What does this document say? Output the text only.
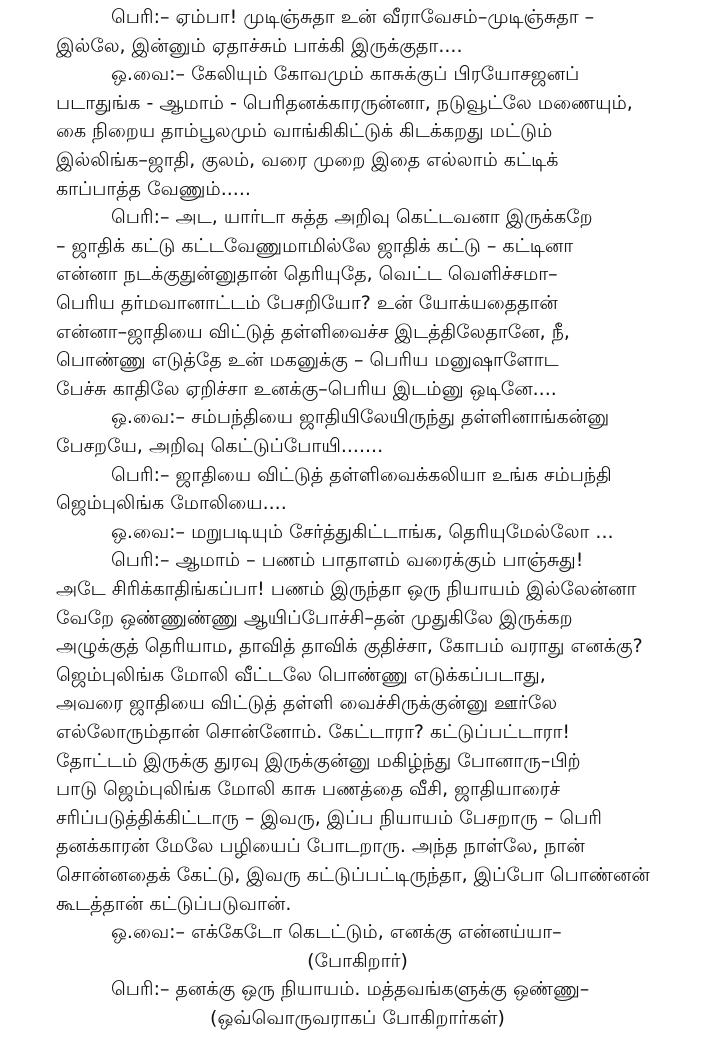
பெரி:– ஏம்பா! முடிஞ்சுதா உன் வீராவேசம்–முடிஞ்சுதா –
இல்லே, இன்னும் ஏதாச்சும் பாக்கி இருக்குதா....
ஒ.வை:– கேலியும் கோவமும் காசுக்குப் பிரயோசஜனப்
படாதுங்க - ஆமாம் - பெரிதனக்காரருன்னா, நடுவூட்லே மணையும்,
கை நிறைய தாம்பூலமும் வாங்கிகிட்டுக் கிடக்கறது மட்டும்
இல்லிங்க–ஜாதி, குலம், வரை முறை இதை எல்லாம் கட்டிக்
காப்பாத்த வேணும்.....
பெரி:– அட, யார்டா சுத்த அறிவு கெட்டவனா இருக்கறே
– ஜாதிக் கட்டு கட்டவேணுமாமில்லே ஜாதிக் கட்டு – கட்டினா
என்னா நடக்குதுன்னுதான் தெரியுதே, வெட்ட வெளிச்சமா–
பெரிய தர்மவானாட்டம் பேசறியோ? உன் யோக்யதைதான்
என்னா–ஜாதியை விட்டுத் தள்ளிவைச்ச இடத்திலேதானே, நீ,
பொண்ணு எடுத்தே உன் மகனுக்கு – பெரிய மனுஷாளோட
பேச்சு காதிலே ஏறிச்சா உனக்கு–பெரிய இடம்னு ஒடினே....
ஒ.வை:– சம்பந்தியை ஜாதியிலேயிருந்து தள்ளினாங்கன்னு
பேசறயே, அறிவு கெட்டுப்போயி.......
பெரி:– ஜாதியை விட்டுத் தள்ளிவைக்கலியா உங்க சம்பந்தி
ஜெம்புலிங்க மோலியை....
ஒ.வை:– மறுபடியும் சேர்த்துகிட்டாங்க, தெரியுமேல்லோ ...
பெரி:– ஆமாம் – பணம் பாதாளம் வரைக்கும் பாஞ்சுது!
அடே சிரிக்காதிங்கப்பா! பணம் இருந்தா ஒரு நியாயம் இல்லேன்னா
வேறே ஒண்ணுண்ணு ஆயிப்போச்சி–தன் முதுகிலே இருக்கற
அழுக்குத் தெரியாம, தாவித் தாவிக் குதிச்சா, கோபம் வராது எனக்கு?
ஜெம்புலிங்க மோலி வீட்டலே பொண்ணு எடுக்கப்படாது,
அவரை ஜாதியை விட்டுத் தள்ளி வைச்சிருக்குன்னு ஊர்லே
எல்லோரும்தான் சொன்னோம். கேட்டாரா? கட்டுப்பட்டாரா!
தோட்டம் இருக்கு துரவு இருக்குன்னு மகிழ்ந்து போனாரு–பிற்
பாடு ஜெம்புலிங்க மோலி காசு பணத்தை வீசி, ஜாதியாரைச்
சரிப்படுத்திக்கிட்டாரு – இவரு, இப்ப நியாயம் பேசறாரு – பெரி
தனக்காரன் மேலே பழியைப் போடறாரு. அந்த நாள்லே, நான்
சொன்னதைக் கேட்டு, இவரு கட்டுப்பட்டிருந்தா, இப்போ பொண்னன்
கூடத்தான் கட்டுப்படுவான்.
ஒ.வை:– எக்கேடோ கெடட்டும், எனக்கு என்னய்யா–
(போகிறார்)
பெரி:– தனக்கு ஒரு நியாயம். மத்தவங்களுக்கு ஒண்ணு–
(ஒவ்வொருவராகப் போகிறார்கள்)
